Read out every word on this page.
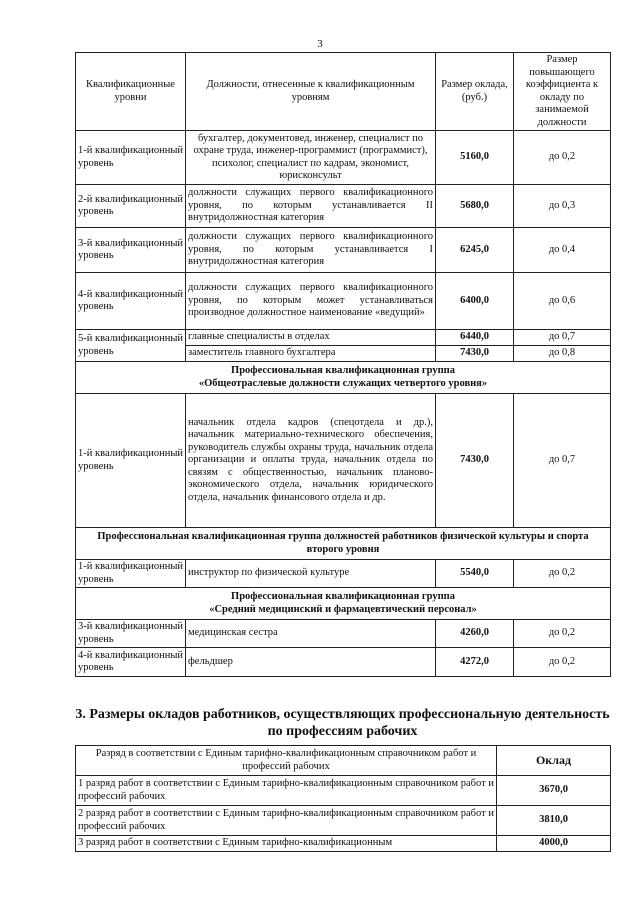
3
Квалификационные уровни	Должности, отнесенные к квалификационным уровням	Размер оклада, (руб.)	Размер повышающего коэффициента к окладу по занимаемой должности
1-й квалификационный уровень	бухгалтер, документовед, инженер, специалист по охране труда, инженер-программист (программист), психолог, специалист по кадрам, экономист, юрисконсульт	5160,0	до 0,2
2-й квалификационный уровень	должности служащих первого квалификационного уровня, по которым устанавливается II внутридолжностная категория	5680,0	до 0,3
3-й квалификационный уровень	должности служащих первого квалификационного уровня, по которым устанавливается I внутридолжностная категория	6245,0	до 0,4
4-й квалификационный уровень	должности служащих первого квалификационного уровня, по которым может устанавливаться производное должностное наименование «ведущий»	6400,0	до 0,6
5-й квалификационный уровень	главные специалисты в отделах	6440,0	до 0,7
	заместитель главного бухгалтера	7430,0	до 0,8

Профессиональная квалификационная группа
«Общеотраслевые должности служащих четвертого уровня»			

1-й квалификационный уровень	начальник отдела кадров (спецотдела и др.), начальник материально-технического обеспечения, руководитель службы охраны труда, начальник отдела организации и оплаты труда, начальник отдела по связям с общественностью, начальник планово-экономического отдела, начальник юридического отдела, начальник финансового отдела и др.	7430,0	до 0,7
Профессиональная квалификационная группа должностей работников физической культуры и спорта второго уровня			
1-й квалификационный уровень	инструктор по физической культуре	5540,0	до 0,2

Профессиональная квалификационная группа
«Средний медицинский и фармацевтический персонал»			

3-й квалификационный уровень	медицинская сестра	4260,0	до 0,2
4-й квалификационный уровень	фельдшер	4272,0	до 0,2
3. Размеры окладов работников, осуществляющих профессиональную деятельность по профессиям рабочих
Разряд в соответствии с Единым тарифно-квалификационным справочником работ и профессий рабочих	Оклад
1 разряд работ в соответствии с Единым тарифно-квалификационным справочником работ и профессий рабочих	3670,0
2 разряд работ в соответствии с Единым тарифно-квалификационным справочником работ и профессий рабочих	3810,0
3 разряд работ в соответствии с Единым тарифно-квалификационным	4000,0
